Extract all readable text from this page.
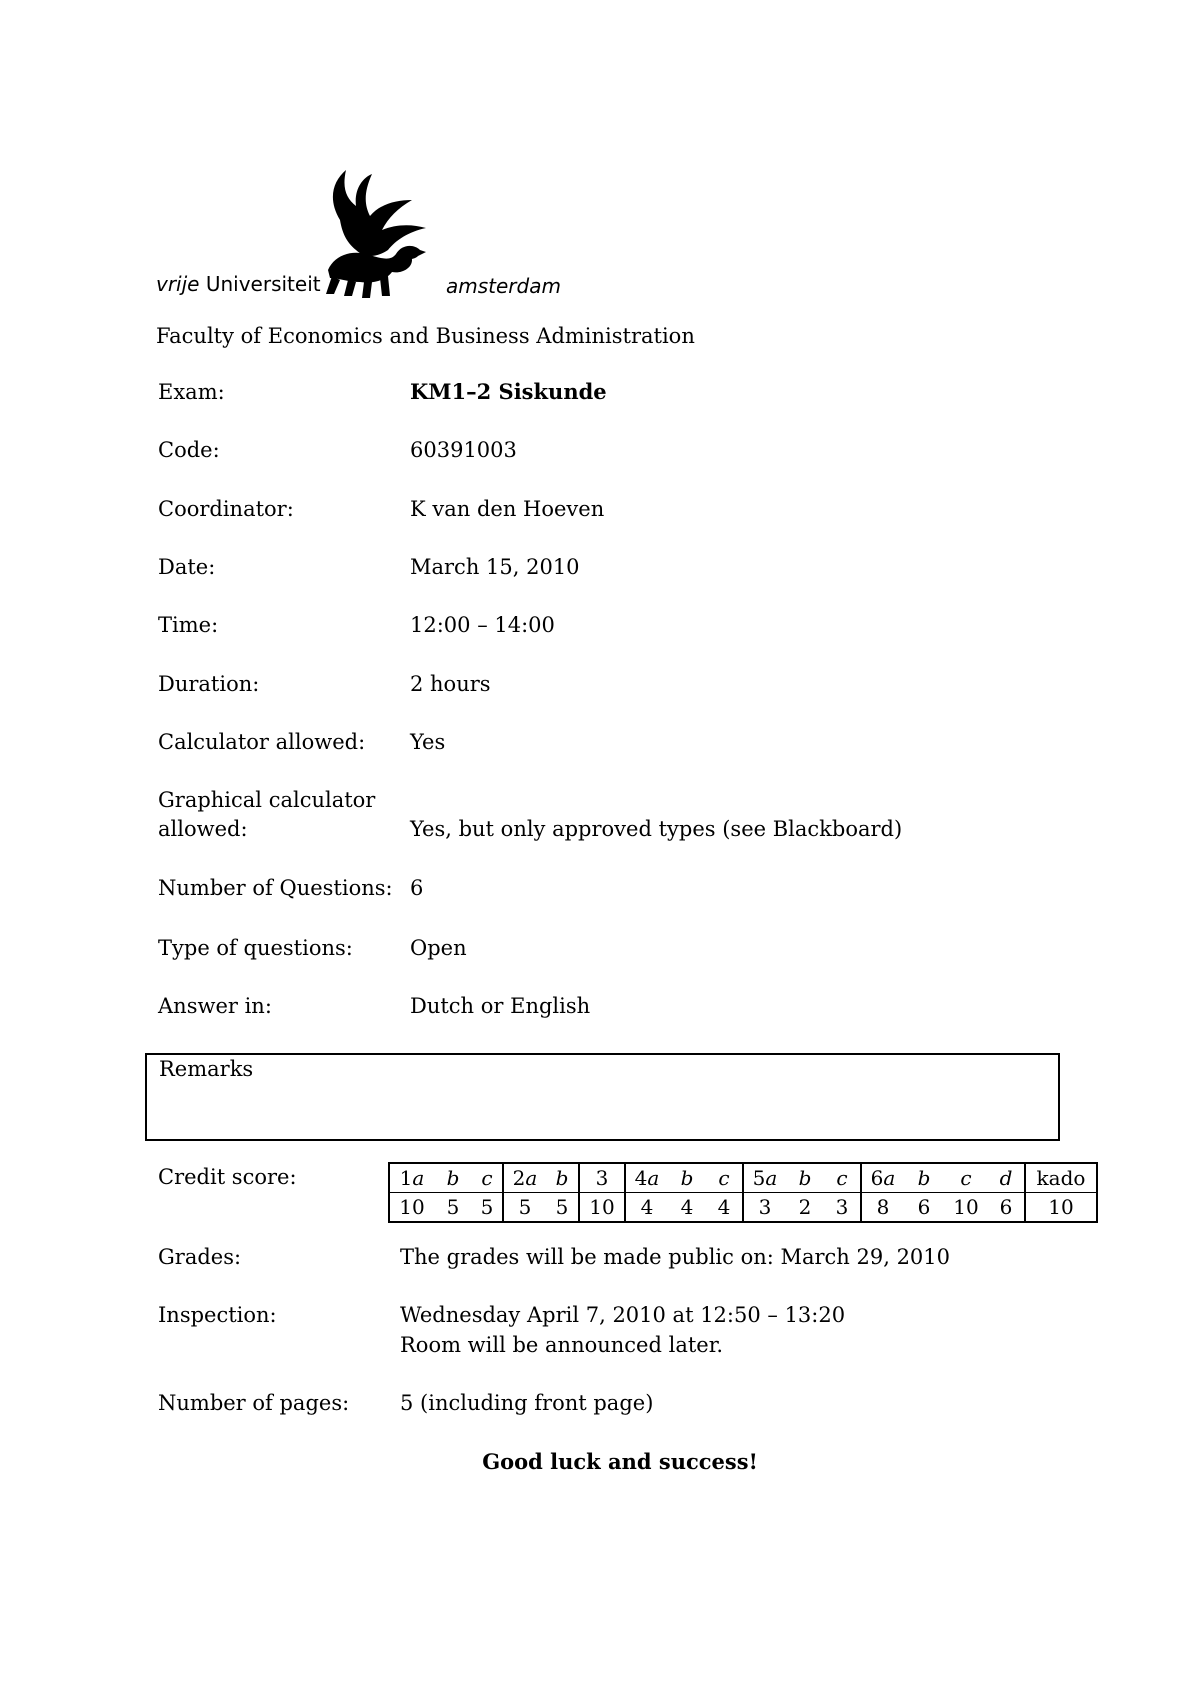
vrije Universiteit	amsterdam
Faculty of Economics and Business Administration
Exam:	KM1–2 Siskunde
Code:	60391003
Coordinator:	K van den Hoeven
Date:	March 15, 2010
Time:	12:00 – 14:00
Duration:	2 hours
Calculator allowed: Yes
Graphical calculator
allowed:	Yes, but only approved types (see Blackboard)
Number of Questions: 6
Type of questions:	Open
Answer in:	Dutch or English
Remarks
Credit score:	1a	b	c	2a	b	3	4a	b	c	5a	b	c	6a	b	c	d	kado
10	5	5	5	5	10	4	4	4	3	2	3	8	6	10	6	10
Grades:	The grades will be made public on: March 29, 2010
Inspection:	Wednesday April 7, 2010 at 12:50 – 13:20
Room will be announced later.
Number of pages: 5 (including front page)
Good luck and success!
